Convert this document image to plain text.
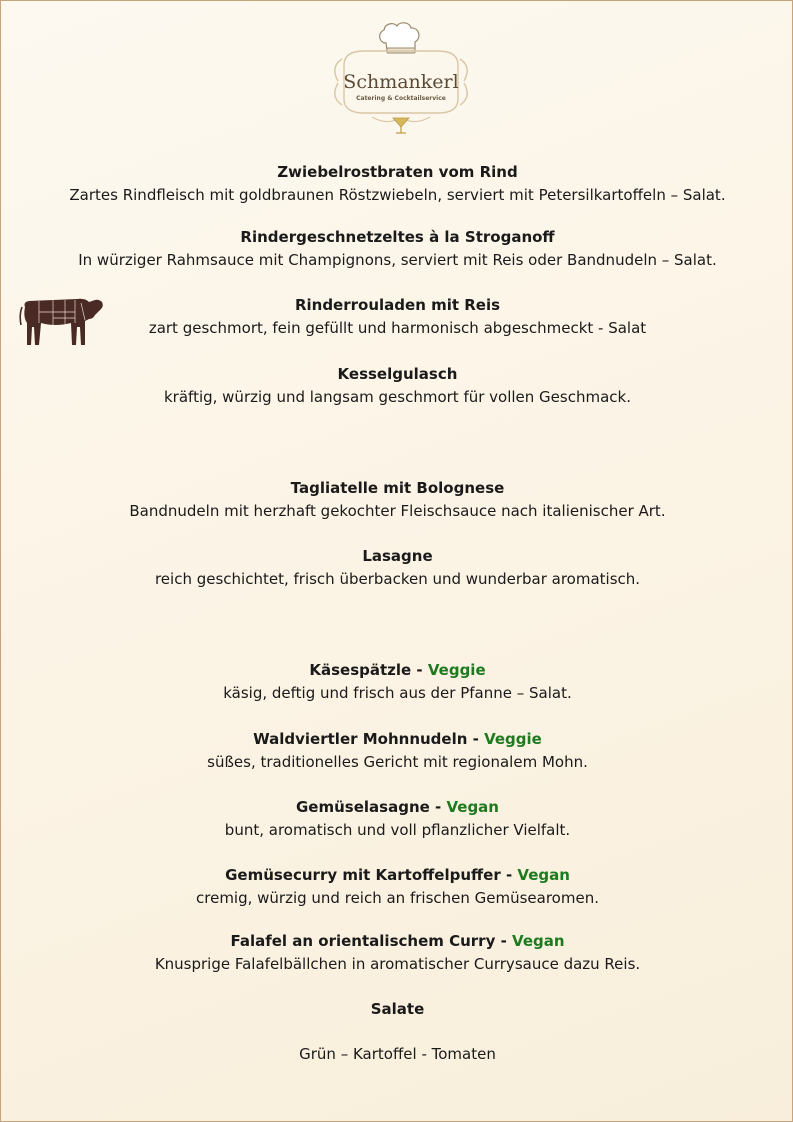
Schmankerl
Catering & Cocktailservice
Zwiebelrostbraten vom Rind
Zartes Rindfleisch mit goldbraunen Röstzwiebeln, serviert mit Petersilkartoffeln – Salat.
Rindergeschnetzeltes à la Stroganoff
In würziger Rahmsauce mit Champignons, serviert mit Reis oder Bandnudeln – Salat.
Rinderrouladen mit Reis
zart geschmort, fein gefüllt und harmonisch abgeschmeckt - Salat
Kesselgulasch
kräftig, würzig und langsam geschmort für vollen Geschmack.
Tagliatelle mit Bolognese
Bandnudeln mit herzhaft gekochter Fleischsauce nach italienischer Art.
Lasagne
reich geschichtet, frisch überbacken und wunderbar aromatisch.
Käsespätzle - Veggie
käsig, deftig und frisch aus der Pfanne – Salat.
Waldviertler Mohnnudeln - Veggie
süßes, traditionelles Gericht mit regionalem Mohn.
Gemüselasagne - Vegan
bunt, aromatisch und voll pflanzlicher Vielfalt.
Gemüsecurry mit Kartoffelpuffer - Vegan
cremig, würzig und reich an frischen Gemüsearomen.
Falafel an orientalischem Curry - Vegan
Knusprige Falafelbällchen in aromatischer Currysauce dazu Reis.
Salate
Grün – Kartoffel - Tomaten
